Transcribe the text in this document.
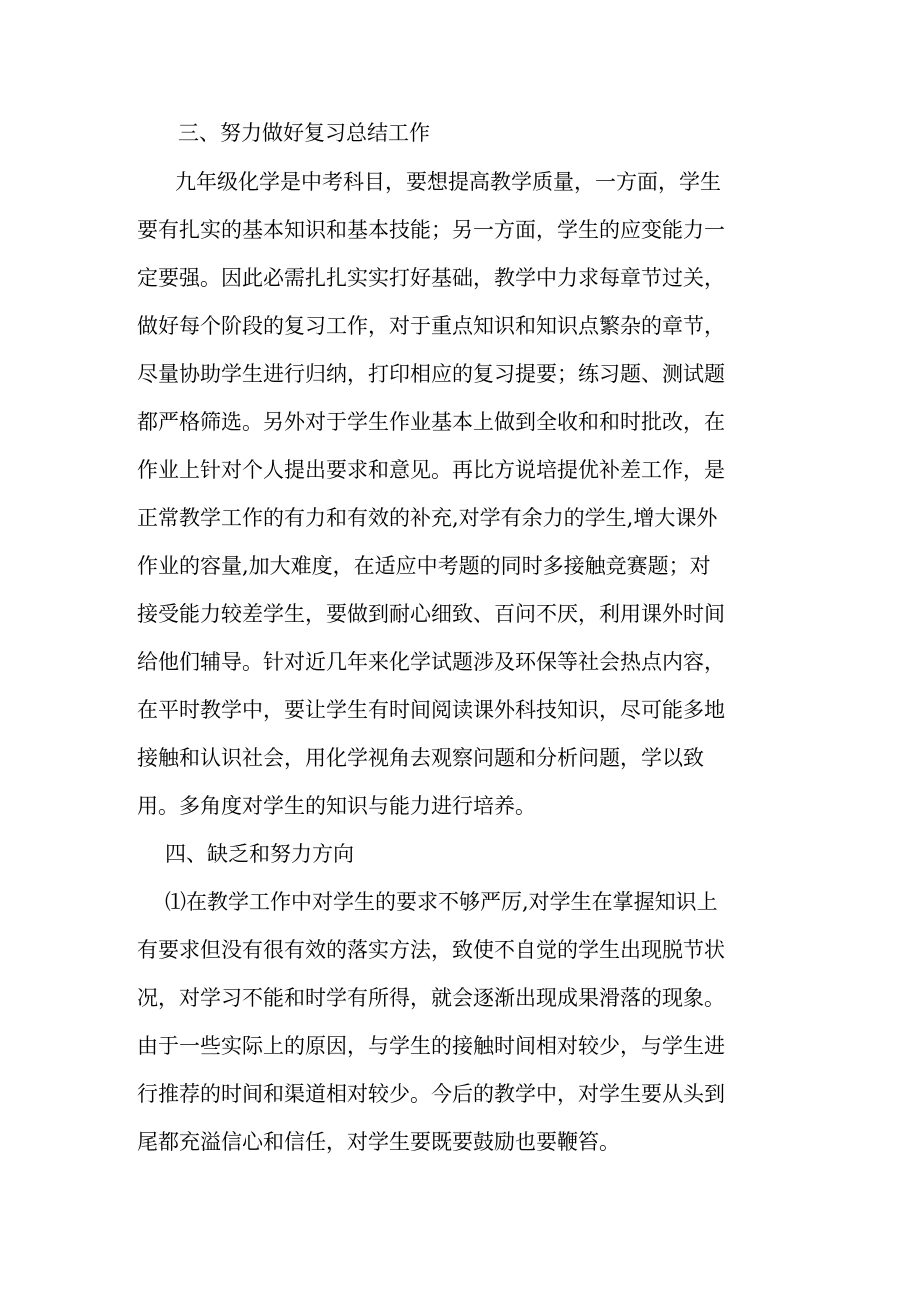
三、努力做好复习总结工作
九年级化学是中考科目，要想提高教学质量，一方面，学生
要有扎实的基本知识和基本技能；另一方面，学生的应变能力一
定要强。因此必需扎扎实实打好基础，教学中力求每章节过关，
做好每个阶段的复习工作，对于重点知识和知识点繁杂的章节，
尽量协助学生进行归纳，打印相应的复习提要；练习题、测试题
都严格筛选。另外对于学生作业基本上做到全收和和时批改，在
作业上针对个人提出要求和意见。再比方说培提优补差工作，是
正常教学工作的有力和有效的补充,对学有余力的学生,增大课外
作业的容量,加大难度，在适应中考题的同时多接触竞赛题；对
接受能力较差学生，要做到耐心细致、百问不厌，利用课外时间
给他们辅导。针对近几年来化学试题涉及环保等社会热点内容，
在平时教学中，要让学生有时间阅读课外科技知识，尽可能多地
接触和认识社会，用化学视角去观察问题和分析问题，学以致
用。多角度对学生的知识与能力进行培养。
四、缺乏和努力方向
⑴在教学工作中对学生的要求不够严厉,对学生在掌握知识上
有要求但没有很有效的落实方法，致使不自觉的学生出现脱节状
况，对学习不能和时学有所得，就会逐渐出现成果滑落的现象。
由于一些实际上的原因，与学生的接触时间相对较少，与学生进
行推荐的时间和渠道相对较少。今后的教学中，对学生要从头到
尾都充溢信心和信任，对学生要既要鼓励也要鞭笞。
